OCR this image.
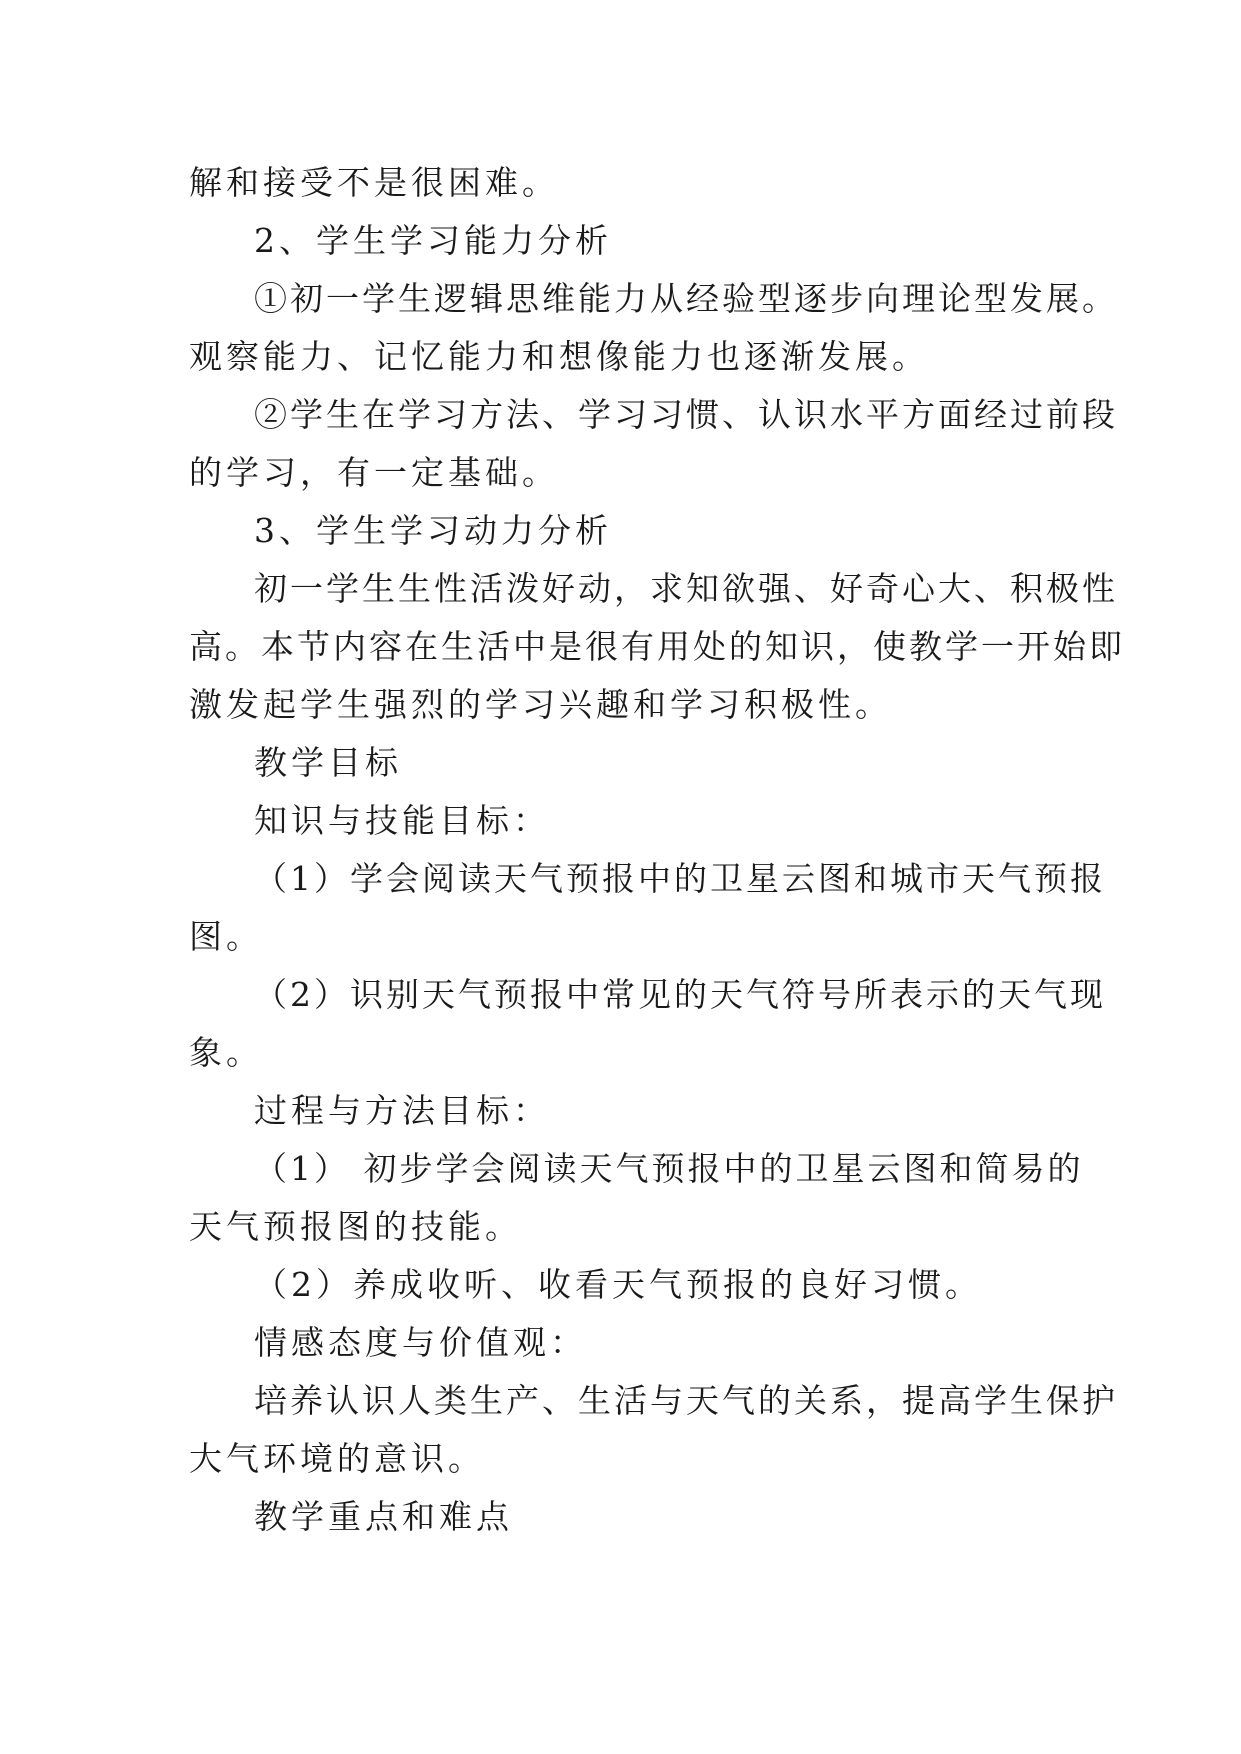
解和接受不是很困难。
2、学生学习能力分析
①初一学生逻辑思维能力从经验型逐步向理论型发展。
观察能力、记忆能力和想像能力也逐渐发展。
②学生在学习方法、学习习惯、认识水平方面经过前段
的学习，有一定基础。
3、学生学习动力分析
初一学生生性活泼好动，求知欲强、好奇心大、积极性
高。本节内容在生活中是很有用处的知识，使教学一开始即
激发起学生强烈的学习兴趣和学习积极性。
教学目标
知识与技能目标：
（1）学会阅读天气预报中的卫星云图和城市天气预报
图。
（2）识别天气预报中常见的天气符号所表示的天气现
象。
过程与方法目标：
（1） 初步学会阅读天气预报中的卫星云图和简易的
天气预报图的技能。
（2）养成收听、收看天气预报的良好习惯。
情感态度与价值观：
培养认识人类生产、生活与天气的关系，提高学生保护
大气环境的意识。
教学重点和难点
